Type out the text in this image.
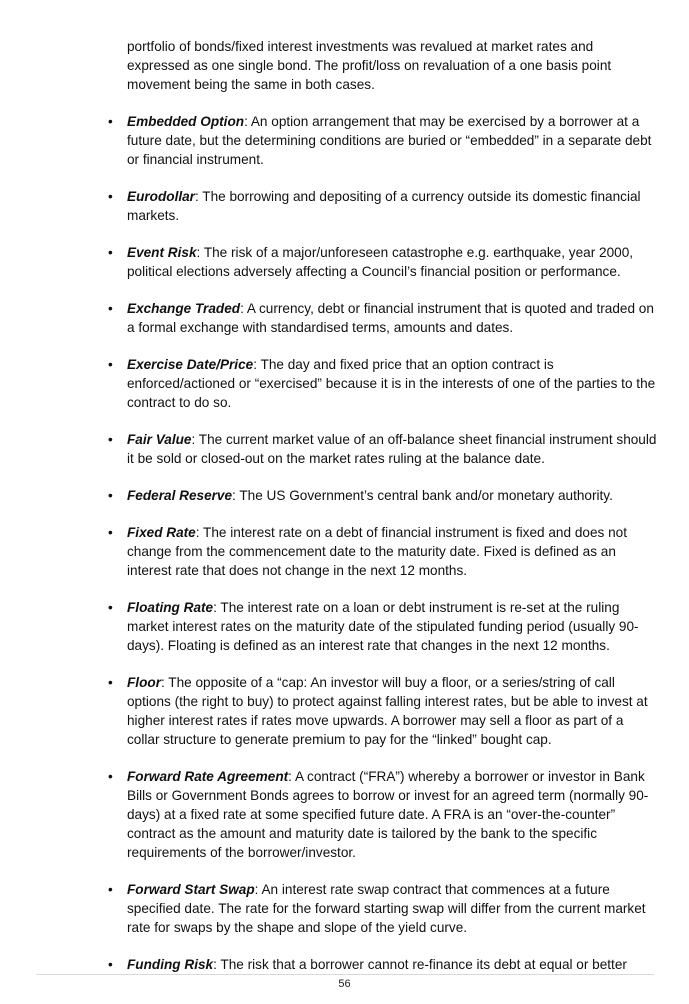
portfolio of bonds/fixed interest investments was revalued at market rates and expressed as one single bond. The profit/loss on revaluation of a one basis point movement being the same in both cases.

• Embedded Option: An option arrangement that may be exercised by a borrower at a future date, but the determining conditions are buried or “embedded” in a separate debt or financial instrument.
• Eurodollar: The borrowing and depositing of a currency outside its domestic financial markets.
• Event Risk: The risk of a major/unforeseen catastrophe e.g. earthquake, year 2000, political elections adversely affecting a Council’s financial position or performance.
• Exchange Traded: A currency, debt or financial instrument that is quoted and traded on a formal exchange with standardised terms, amounts and dates.
• Exercise Date/Price: The day and fixed price that an option contract is enforced/actioned or “exercised” because it is in the interests of one of the parties to the contract to do so.
• Fair Value: The current market value of an off-balance sheet financial instrument should it be sold or closed-out on the market rates ruling at the balance date.
• Federal Reserve: The US Government’s central bank and/or monetary authority.
• Fixed Rate: The interest rate on a debt of financial instrument is fixed and does not change from the commencement date to the maturity date. Fixed is defined as an interest rate that does not change in the next 12 months.
• Floating Rate: The interest rate on a loan or debt instrument is re-set at the ruling market interest rates on the maturity date of the stipulated funding period (usually 90-days). Floating is defined as an interest rate that changes in the next 12 months.
• Floor: The opposite of a “cap: An investor will buy a floor, or a series/string of call options (the right to buy) to protect against falling interest rates, but be able to invest at higher interest rates if rates move upwards. A borrower may sell a floor as part of a collar structure to generate premium to pay for the “linked” bought cap.
• Forward Rate Agreement: A contract (“FRA”) whereby a borrower or investor in Bank Bills or Government Bonds agrees to borrow or invest for an agreed term (normally 90-days) at a fixed rate at some specified future date. A FRA is an “over-the-counter” contract as the amount and maturity date is tailored by the bank to the specific requirements of the borrower/investor.
• Forward Start Swap: An interest rate swap contract that commences at a future specified date. The rate for the forward starting swap will differ from the current market rate for swaps by the shape and slope of the yield curve.
• Funding Risk: The risk that a borrower cannot re-finance its debt at equal or better
56
